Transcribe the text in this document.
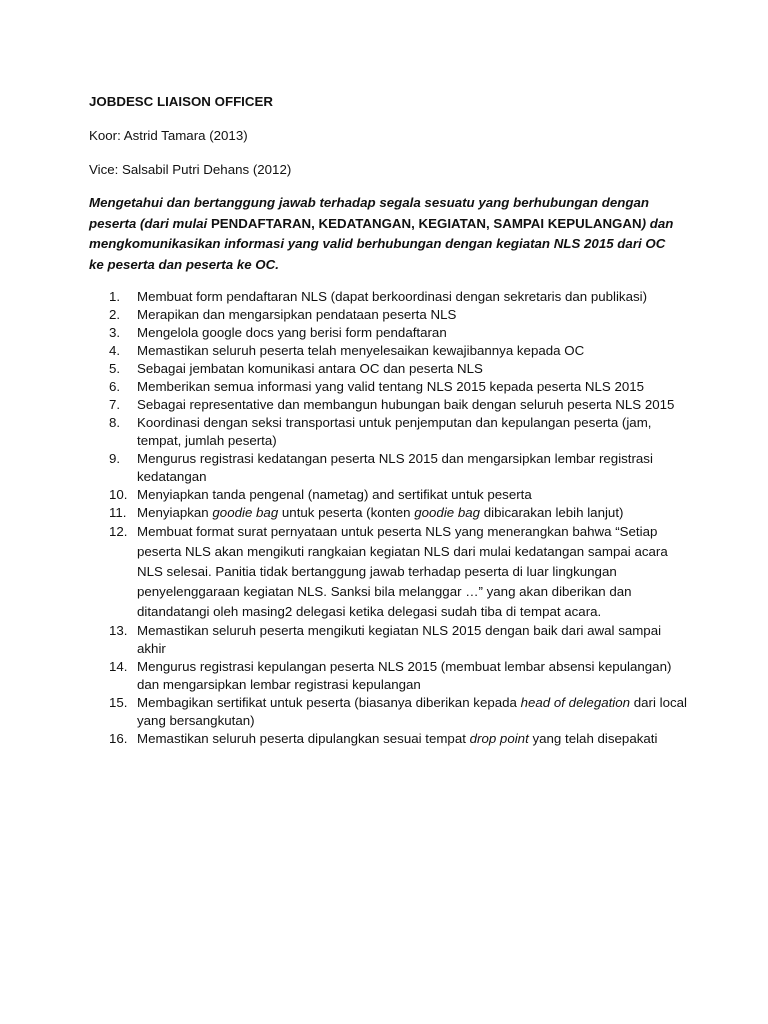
JOBDESC LIAISON OFFICER

Koor: Astrid Tamara (2013)

Vice: Salsabil Putri Dehans (2012)

Mengetahui dan bertanggung jawab terhadap segala sesuatu yang berhubungan dengan peserta (dari mulai PENDAFTARAN, KEDATANGAN, KEGIATAN, SAMPAI KEPULANGAN) dan mengkomunikasikan informasi yang valid berhubungan dengan kegiatan NLS 2015 dari OC ke peserta dan peserta ke OC.

1.	Membuat form pendaftaran NLS (dapat berkoordinasi dengan sekretaris dan publikasi)
2.	Merapikan dan mengarsipkan pendataan peserta NLS
3.	Mengelola google docs yang berisi form pendaftaran
4.	Memastikan seluruh peserta telah menyelesaikan kewajibannya kepada OC
5.	Sebagai jembatan komunikasi antara OC dan peserta NLS
6.	Memberikan semua informasi yang valid tentang NLS 2015 kepada peserta NLS 2015
7.	Sebagai representative dan membangun hubungan baik dengan seluruh peserta NLS 2015
8.	Koordinasi dengan seksi transportasi untuk penjemputan dan kepulangan peserta (jam, tempat, jumlah peserta)
9.	Mengurus registrasi kedatangan peserta NLS 2015 dan mengarsipkan lembar registrasi kedatangan
10. Menyiapkan tanda pengenal (nametag) and sertifikat untuk peserta
11. Menyiapkan goodie bag untuk peserta (konten goodie bag dibicarakan lebih lanjut)
12. Membuat format surat pernyataan untuk peserta NLS yang menerangkan bahwa “Setiap peserta NLS akan mengikuti rangkaian kegiatan NLS dari mulai kedatangan sampai acara NLS selesai. Panitia tidak bertanggung jawab terhadap peserta di luar lingkungan penyelenggaraan kegiatan NLS. Sanksi bila melanggar …” yang akan diberikan dan ditandatangi oleh masing2 delegasi ketika delegasi sudah tiba di tempat acara.
13. Memastikan seluruh peserta mengikuti kegiatan NLS 2015 dengan baik dari awal sampai akhir
14. Mengurus registrasi kepulangan peserta NLS 2015 (membuat lembar absensi kepulangan) dan mengarsipkan lembar registrasi kepulangan
15. Membagikan sertifikat untuk peserta (biasanya diberikan kepada head of delegation dari local yang bersangkutan)
16. Memastikan seluruh peserta dipulangkan sesuai tempat drop point yang telah disepakati
